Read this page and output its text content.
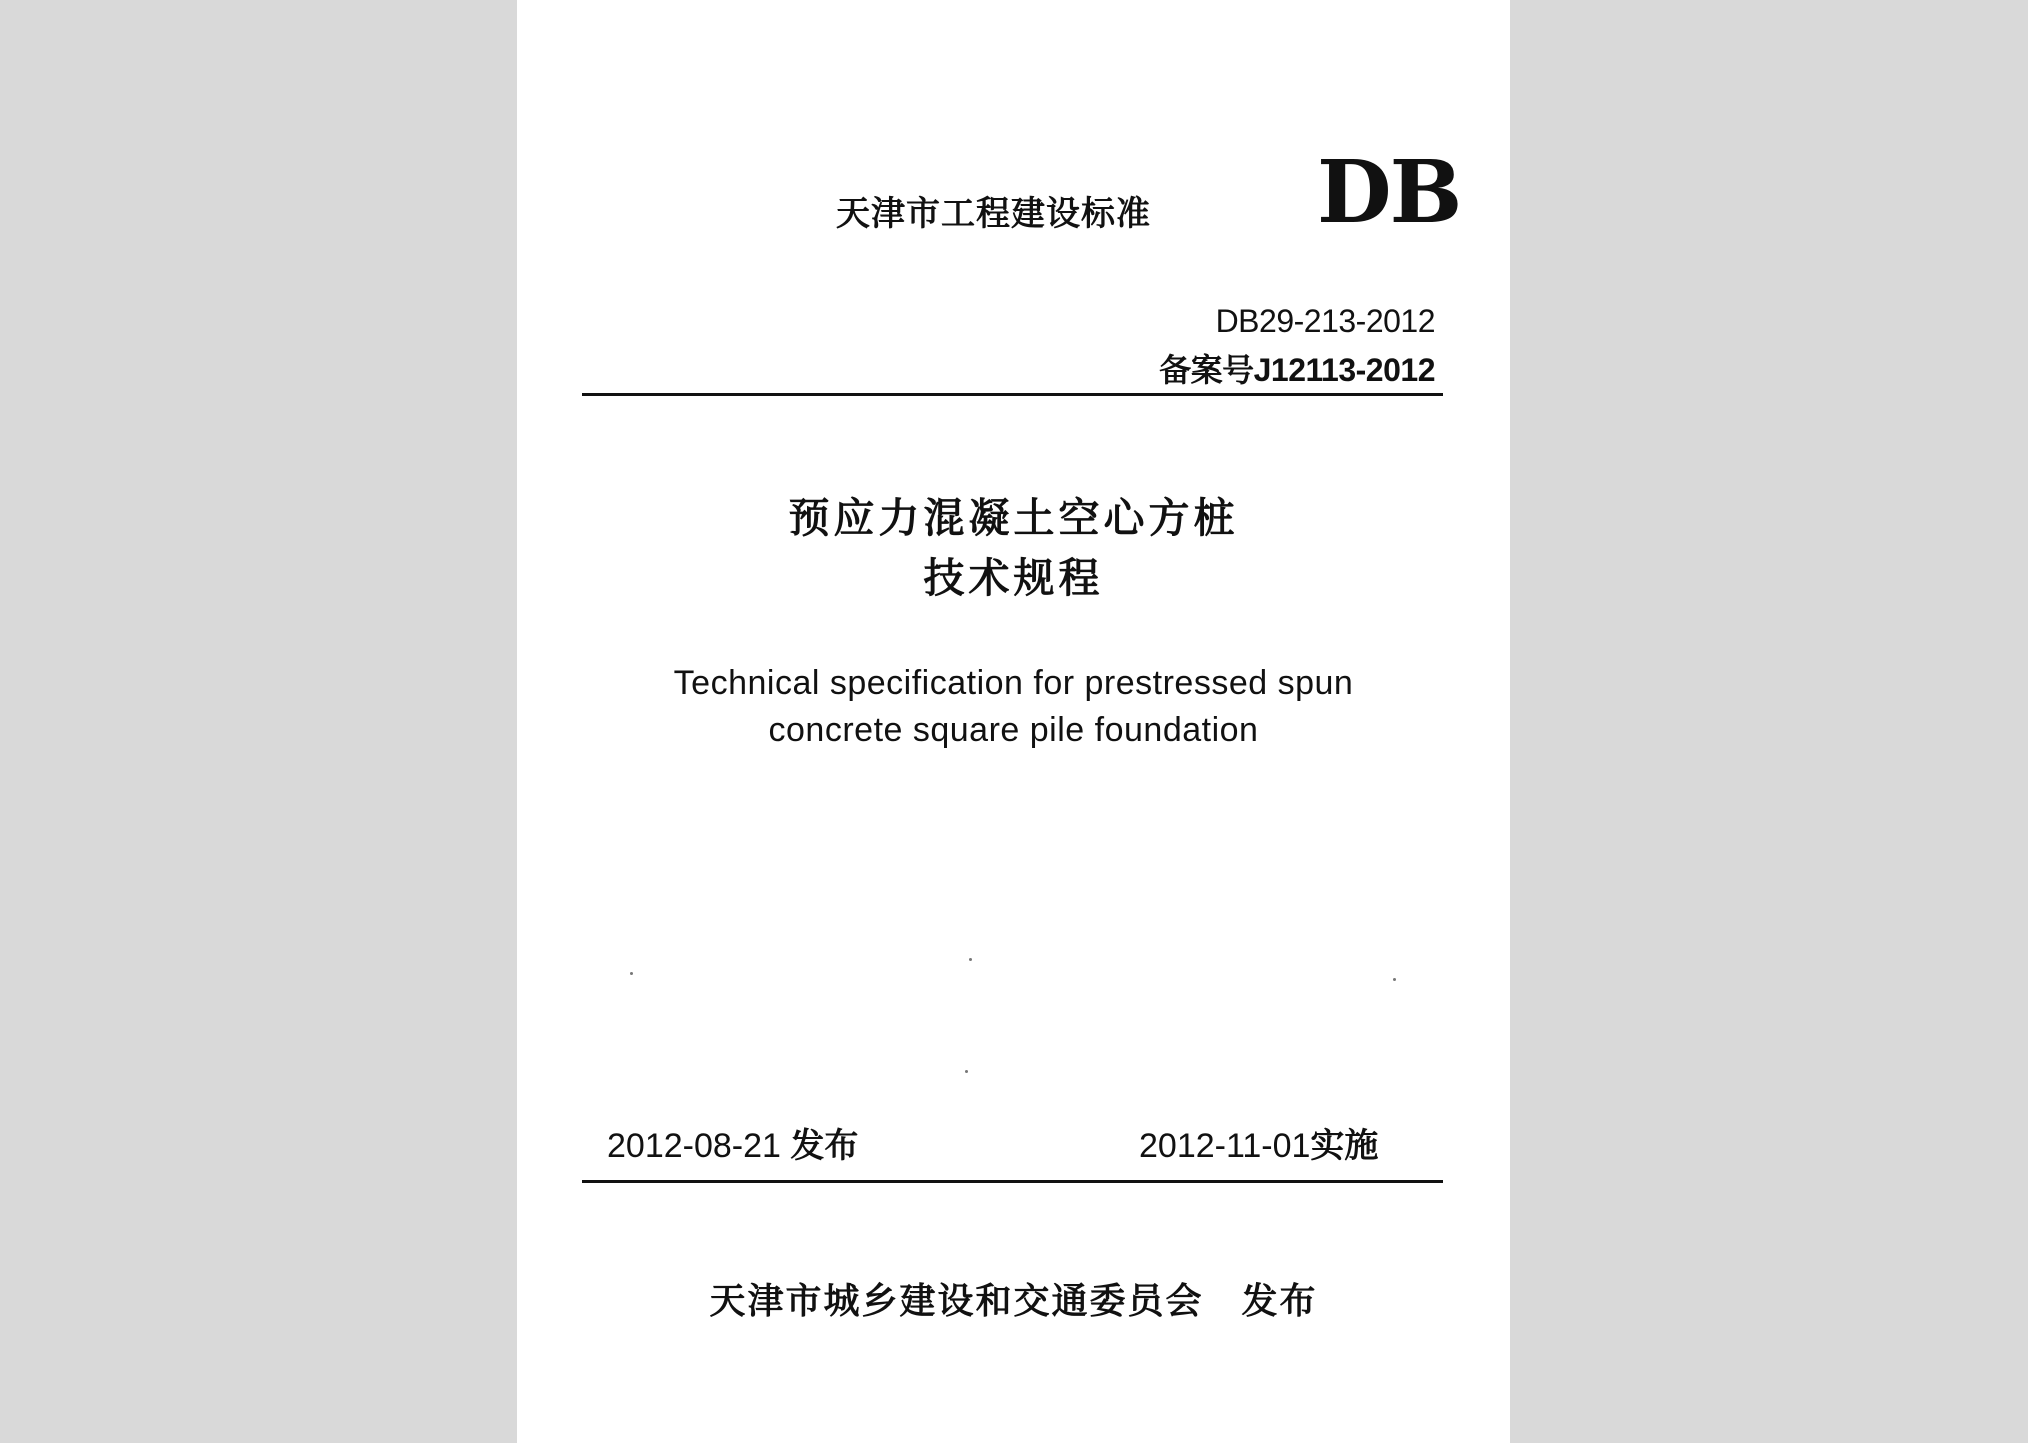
天津市工程建设标准 DB
DB29-213-2012
备案号J12113-2012

预应力混凝土空心方桩

技术规程

Technical specification for prestressed spun

concrete square pile foundation

2012-08-21 发布	2012-11-01实施
天津市城乡建设和交通委员会 发布
